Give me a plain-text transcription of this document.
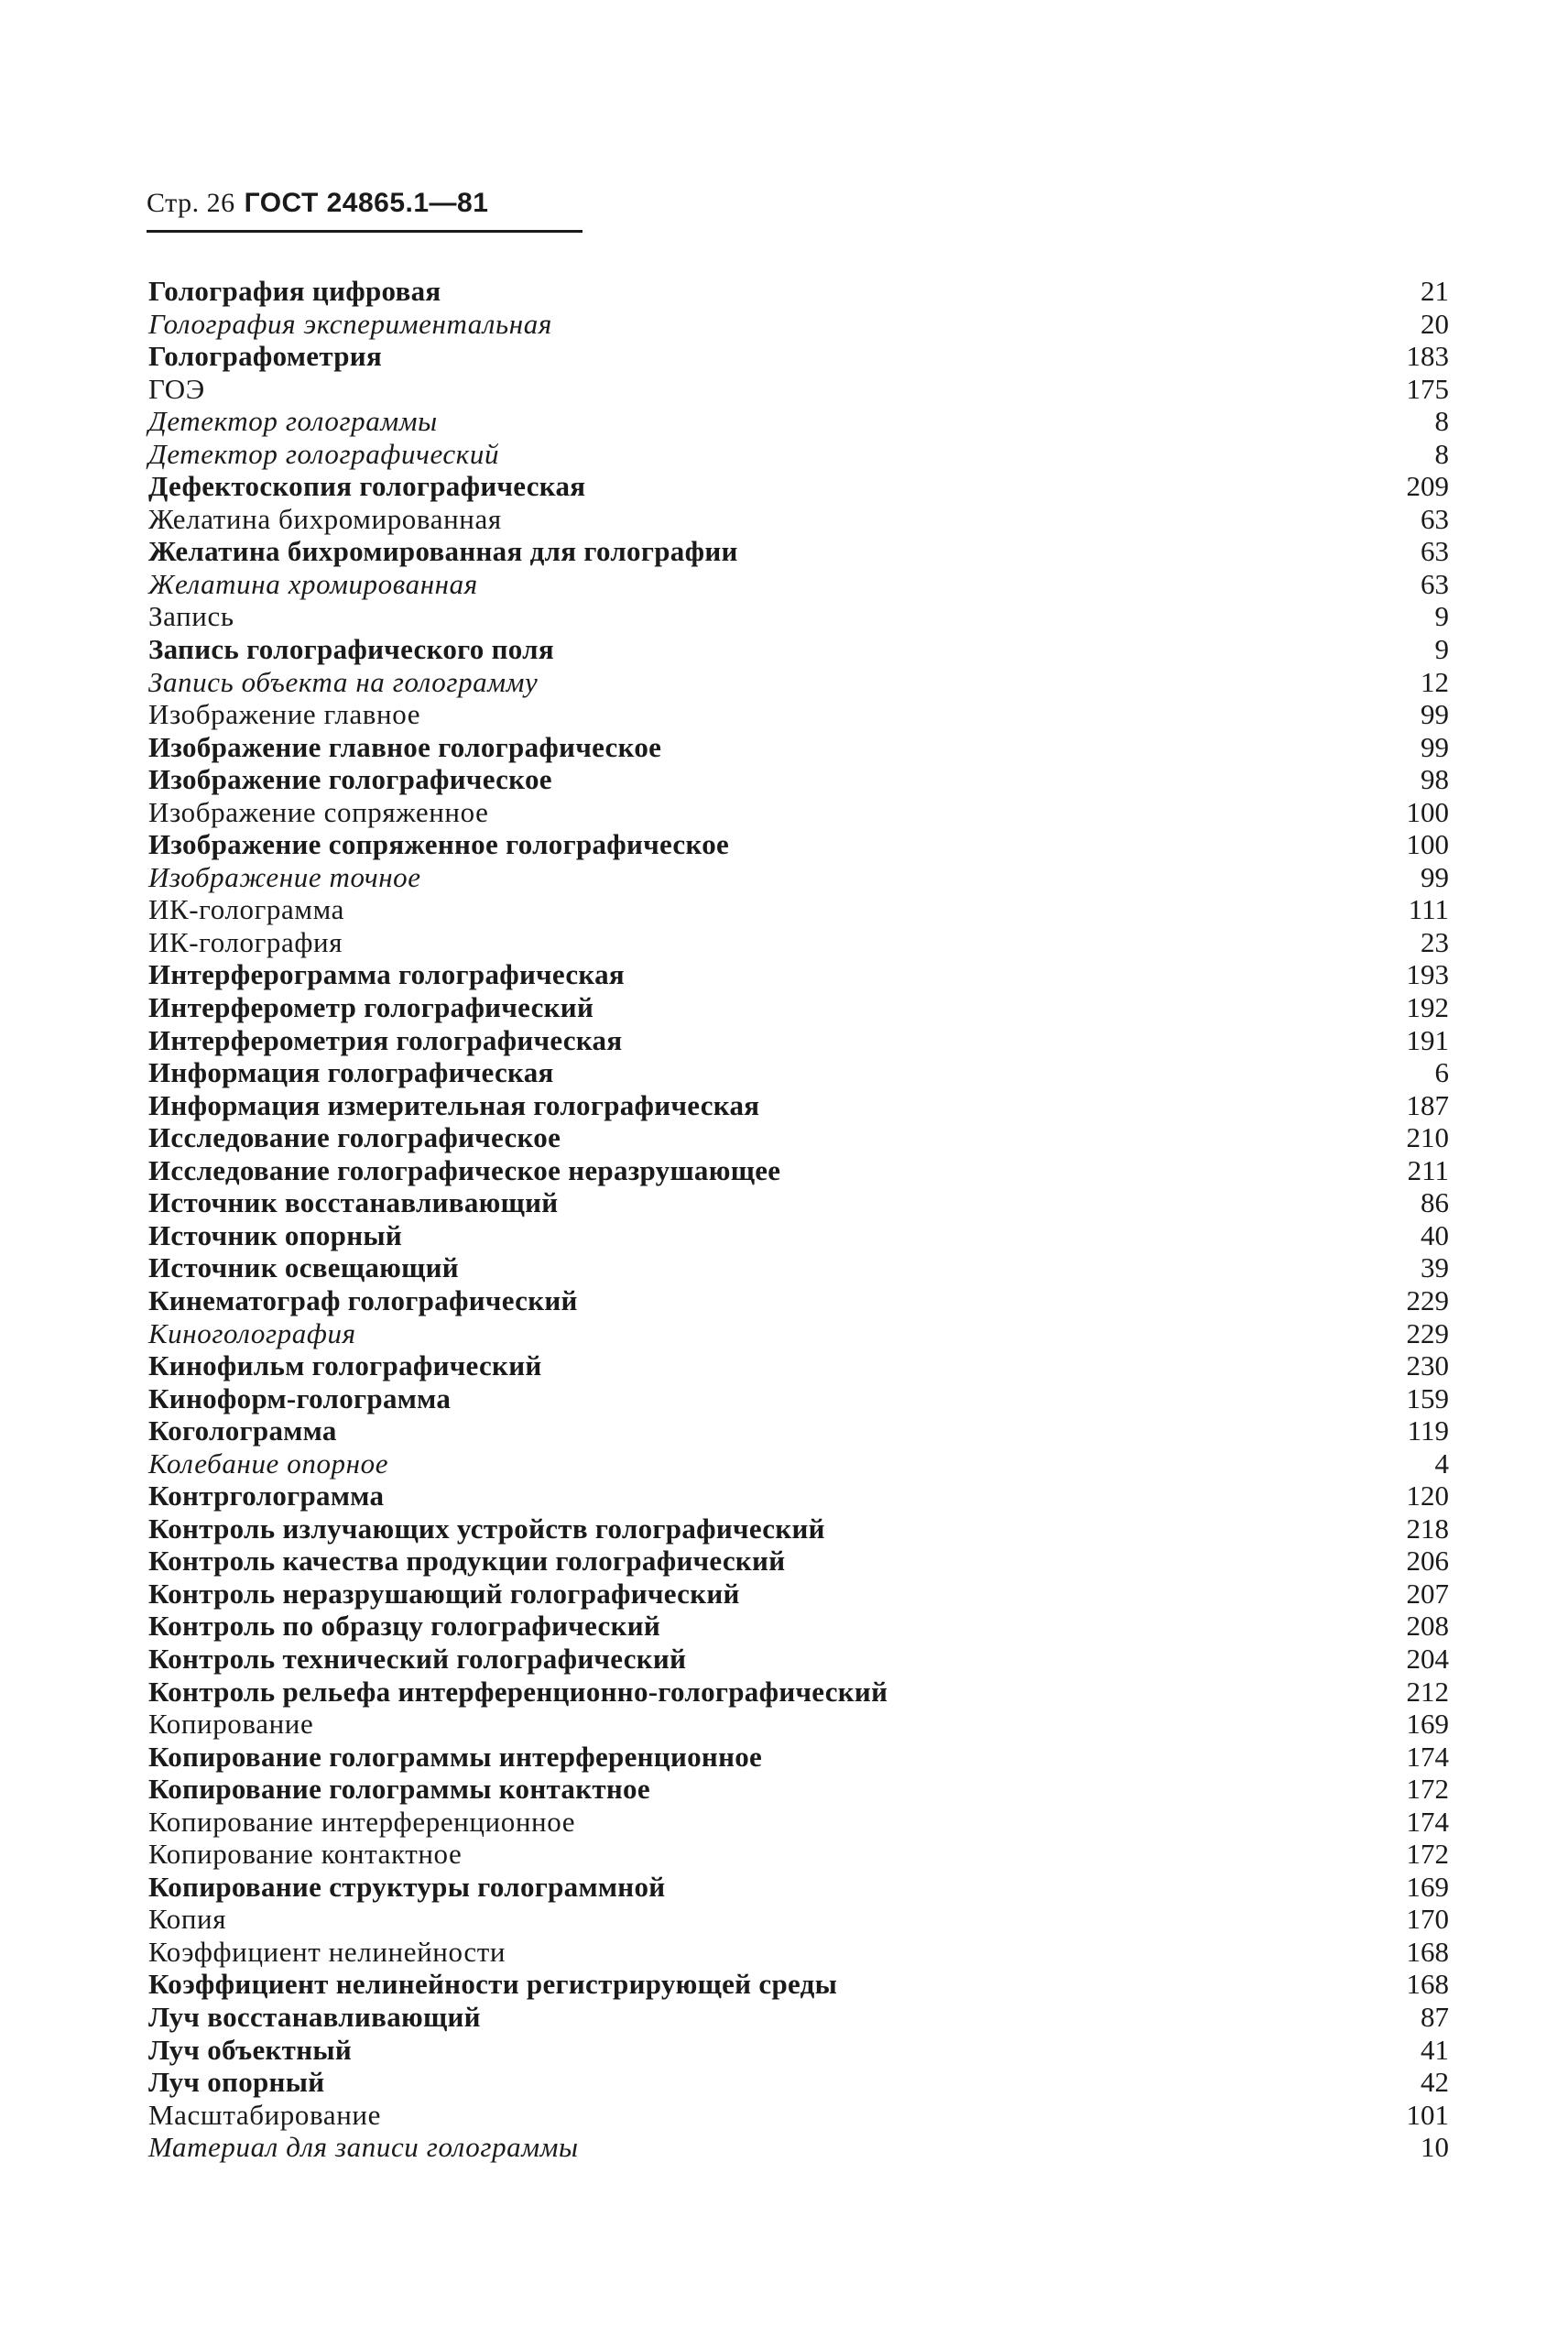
Стр. 26 ГОСТ 24865.1—81
Голография цифровая	21
Голография экспериментальная	20
Голографометрия	183
ГОЭ	175
Детектор голограммы	8
Детектор голографический	8
Дефектоскопия голографическая	209
Желатина бихромированная	63
Желатина бихромированная для голографии	63
Желатина хромированная	63
Запись	9
Запись голографического поля	9
Запись объекта на голограмму	12
Изображение главное	99
Изображение главное голографическое	99
Изображение голографическое	98
Изображение сопряженное	100
Изображение сопряженное голографическое	100
Изображение точное	99
ИК-голограмма	111
ИК-голография	23
Интерферограмма голографическая	193
Интерферометр голографический	192
Интерферометрия голографическая	191
Информация голографическая	6
Информация измерительная голографическая	187
Исследование голографическое	210
Исследование голографическое неразрушающее	211
Источник восстанавливающий	86
Источник опорный	40
Источник освещающий	39
Кинематограф голографический	229
Киноголография	229
Кинофильм голографический	230
Киноформ-голограмма	159
Коголограмма	119
Колебание опорное	4
Контрголограмма	120
Контроль излучающих устройств голографический	218
Контроль качества продукции голографический	206
Контроль неразрушающий голографический	207
Контроль по образцу голографический	208
Контроль технический голографический	204
Контроль рельефа интерференционно-голографический	212
Копирование	169
Копирование голограммы интерференционное	174
Копирование голограммы контактное	172
Копирование интерференционное	174
Копирование контактное	172
Копирование структуры голограммной	169
Копия	170
Коэффициент нелинейности	168
Коэффициент нелинейности регистрирующей среды	168
Луч восстанавливающий	87
Луч объектный	41
Луч опорный	42
Масштабирование	101
Материал для записи голограммы	10
